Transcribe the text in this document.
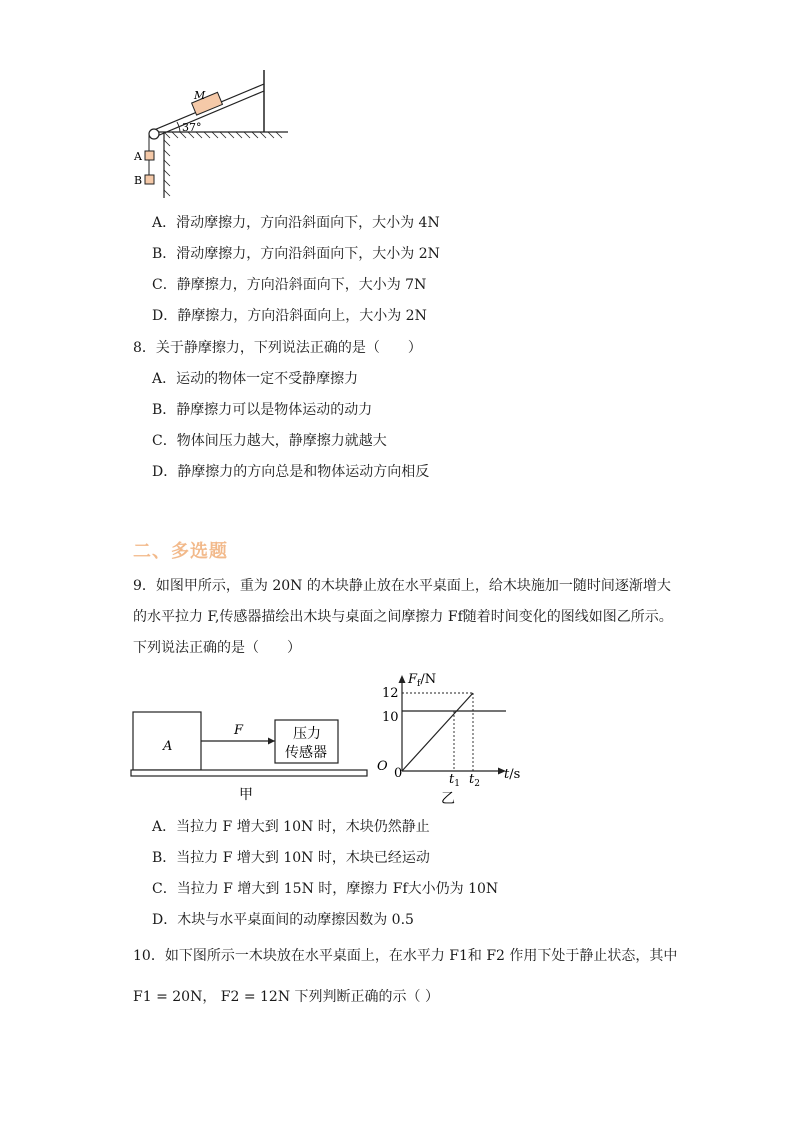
M
37°
A
B
A．滑动摩擦力，方向沿斜面向下，大小为 4N
B．滑动摩擦力，方向沿斜面向下，大小为 2N
C．静摩擦力，方向沿斜面向下，大小为 7N
D．静摩擦力，方向沿斜面向上，大小为 2N
8．关于静摩擦力，下列说法正确的是（　　）
A．运动的物体一定不受静摩擦力
B．静摩擦力可以是物体运动的动力
C．物体间压力越大，静摩擦力就越大
D．静摩擦力的方向总是和物体运动方向相反
二、多选题
9．如图甲所示，重为 20N 的木块静止放在水平桌面上，给木块施加一随时间逐渐增大
的水平拉力 F,传感器描绘出木块与桌面之间摩擦力 Ff随着时间变化的图线如图乙所示。
下列说法正确的是（　　）
A
F	压力
传感器
甲
$F_f/N$
12
10
O 0	$t_1$ $t_2$
t/s
乙
A．当拉力 F 增大到 10N 时，木块仍然静止
B．当拉力 F 增大到 10N 时，木块已经运动
C．当拉力 F 增大到 15N 时，摩擦力 Ff大小仍为 10N
D．木块与水平桌面间的动摩擦因数为 0.5
10．如下图所示一木块放在水平桌面上，在水平力 F1和 F2 作用下处于静止状态，其中
F1 = 20N， F2 = 12N 下列判断正确的示（ ）
